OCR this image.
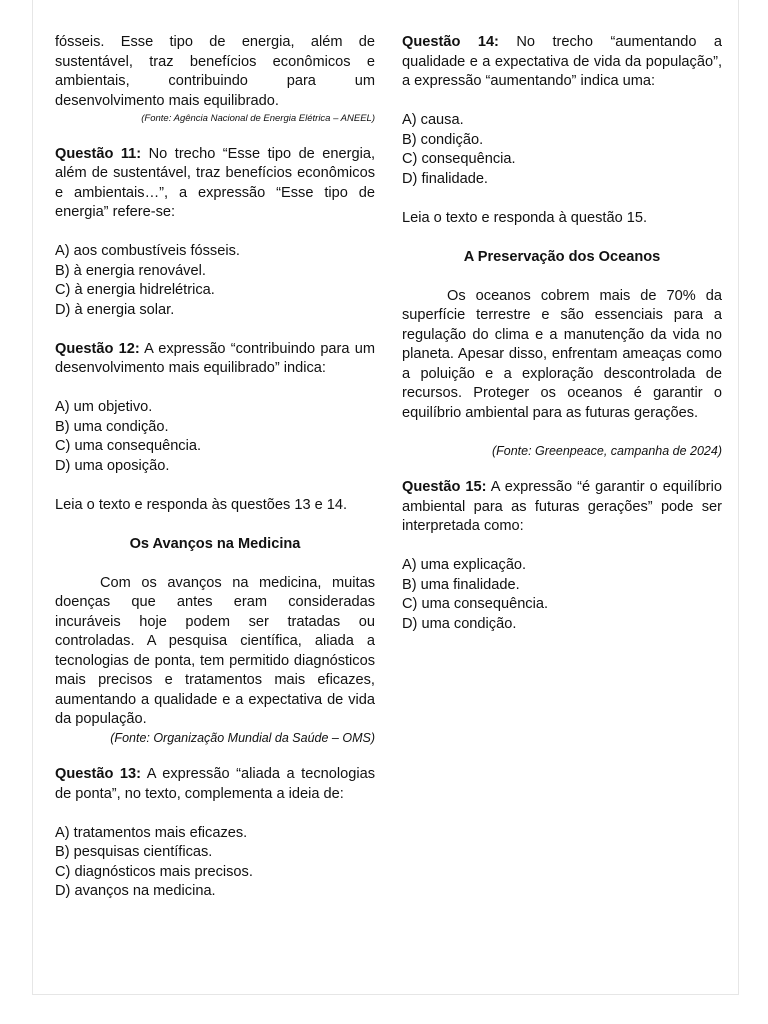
fósseis. Esse tipo de energia, além de sustentável, traz benefícios econômicos e ambientais, contribuindo para um desenvolvimento mais equilibrado.

(Fonte: Agência Nacional de Energia Elétrica – ANEEL)

Questão 11: No trecho “Esse tipo de energia, além de sustentável, traz benefícios econômicos e ambientais…”, a expressão “Esse tipo de energia” refere-se:

A) aos combustíveis fósseis.
B) à energia renovável.
C) à energia hidrelétrica.
D) à energia solar.

Questão 12: A expressão “contribuindo para um desenvolvimento mais equilibrado” indica:

A) um objetivo.
B) uma condição.
C) uma consequência.
D) uma oposição.

Leia o texto e responda às questões 13 e 14.

Os Avanços na Medicina

Com os avanços na medicina, muitas doenças que antes eram consideradas incuráveis hoje podem ser tratadas ou controladas. A pesquisa científica, aliada a tecnologias de ponta, tem permitido diagnósticos mais precisos e tratamentos mais eficazes, aumentando a qualidade e a expectativa de vida da população.

(Fonte: Organização Mundial da Saúde – OMS)

Questão 13: A expressão “aliada a tecnologias de ponta”, no texto, complementa a ideia de:

A) tratamentos mais eficazes.
B) pesquisas científicas.
C) diagnósticos mais precisos.
D) avanços na medicina.

Questão 14: No trecho “aumentando a qualidade e a expectativa de vida da população”, a expressão “aumentando” indica uma:

A) causa.
B) condição.
C) consequência.
D) finalidade.

Leia o texto e responda à questão 15.

A Preservação dos Oceanos

Os oceanos cobrem mais de 70% da superfície terrestre e são essenciais para a regulação do clima e a manutenção da vida no planeta. Apesar disso, enfrentam ameaças como a poluição e a exploração descontrolada de recursos. Proteger os oceanos é garantir o equilíbrio ambiental para as futuras gerações.

(Fonte: Greenpeace, campanha de 2024)

Questão 15: A expressão “é garantir o equilíbrio ambiental para as futuras gerações” pode ser interpretada como:

A) uma explicação.
B) uma finalidade.
C) uma consequência.
D) uma condição.
